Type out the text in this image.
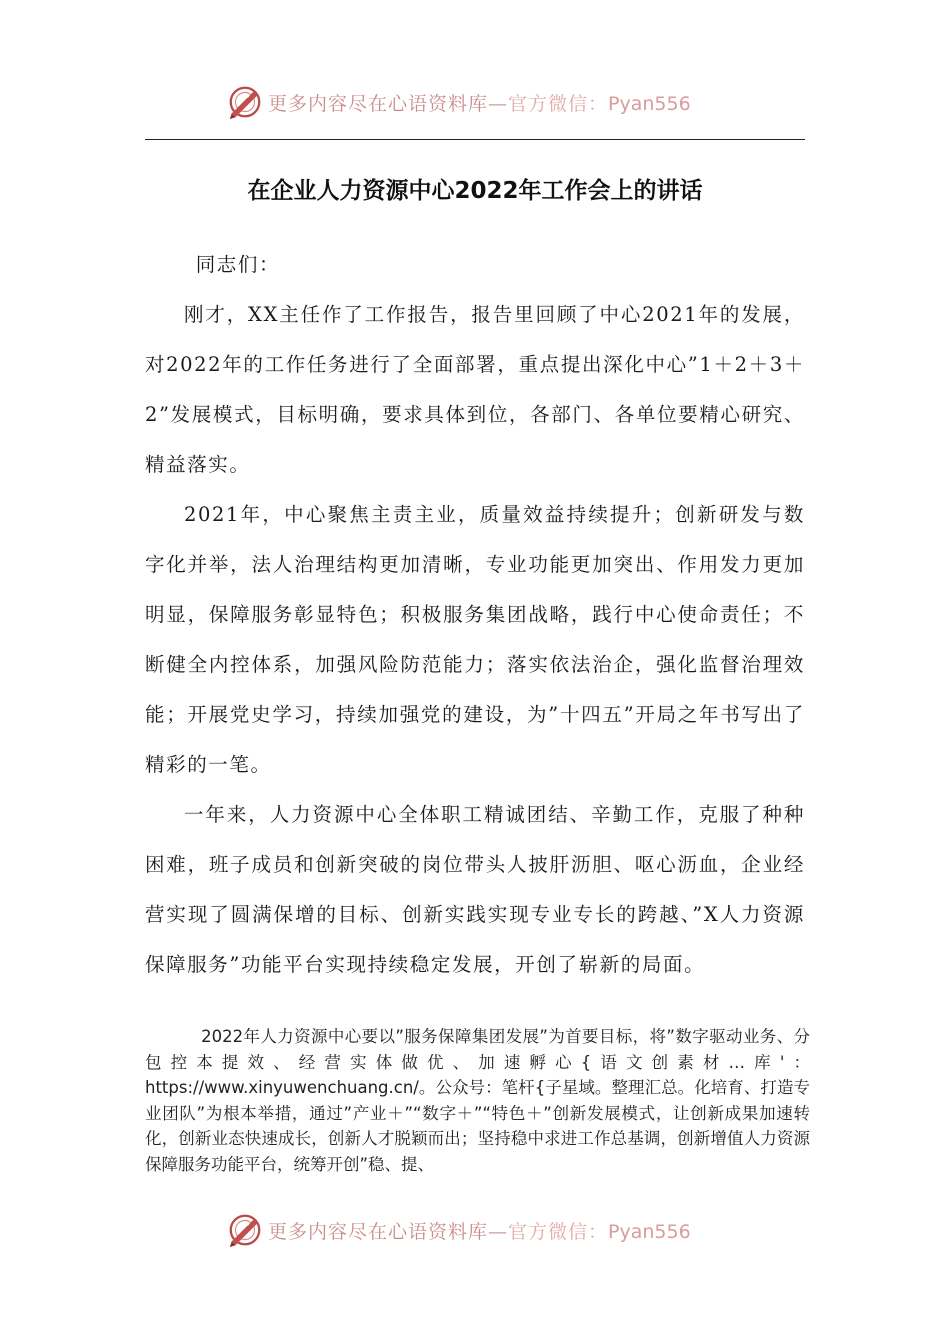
更多内容尽在心语资料库—官方微信：Pyan556
在企业人力资源中心2022年工作会上的讲话

同志们：

刚才，XX主任作了工作报告，报告里回顾了中心2021年的发展，对2022年的工作任务进行了全面部署，重点提出深化中心”1＋2＋3＋2”发展模式，目标明确，要求具体到位，各部门、各单位要精心研究、精益落实。

2021年，中心聚焦主责主业，质量效益持续提升；创新研发与数字化并举，法人治理结构更加清晰，专业功能更加突出、作用发力更加明显，保障服务彰显特色；积极服务集团战略，践行中心使命责任；不断健全内控体系，加强风险防范能力；落实依法治企，强化监督治理效能；开展党史学习，持续加强党的建设，为”十四五”开局之年书写出了精彩的一笔。

一年来，人力资源中心全体职工精诚团结、辛勤工作，克服了种种困难，班子成员和创新突破的岗位带头人披肝沥胆、呕心沥血，企业经营实现了圆满保增的目标、创新实践实现专业专长的跨越、”X人力资源保障服务”功能平台实现持续稳定发展，开创了崭新的局面。

2022年人力资源中心要以”服务保障集团发展”为首要目标，将”数字驱动业务、分包控本提效、经营实体做优、加速孵心{语文创素材…库'：https://www.xinyuwenchuang.cn/。公众号：笔杆{子星域。整理汇总。化培育、打造专业团队”为根本举措，通过”产业＋”“数字＋”“特色＋”创新发展模式，让创新成果加速转化，创新业态快速成长，创新人才脱颖而出；坚持稳中求进工作总基调，创新增值人力资源保障服务功能平台，统筹开创”稳、提、

更多内容尽在心语资料库—官方微信：Pyan556
